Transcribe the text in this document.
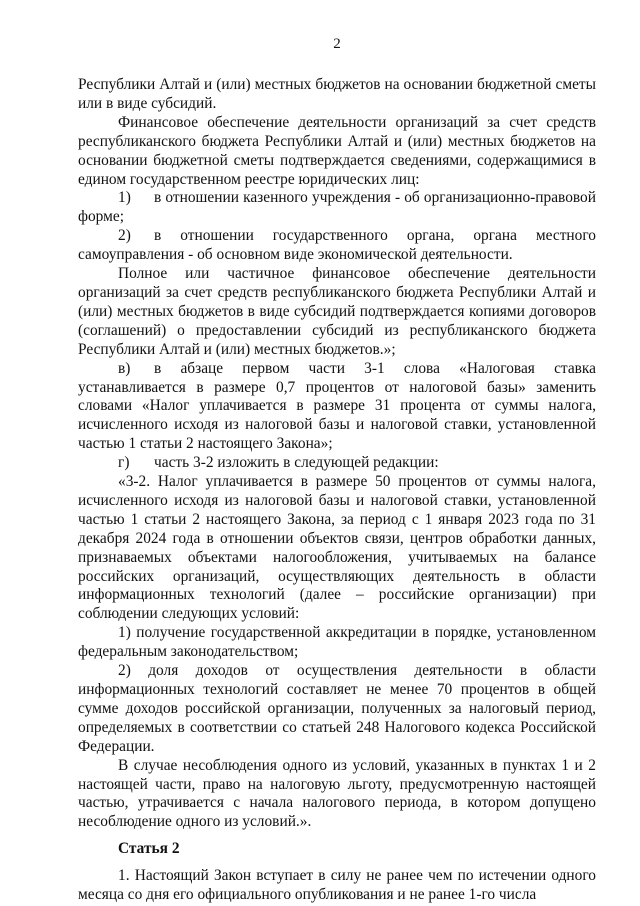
2

Республики Алтай и (или) местных бюджетов на основании бюджетной сметы или в виде субсидий.

Финансовое обеспечение деятельности организаций за счет средств республиканского бюджета Республики Алтай и (или) местных бюджетов на основании бюджетной сметы подтверждается сведениями, содержащимися в едином государственном реестре юридических лиц:

1) в отношении казенного учреждения - об организационно-правовой форме;

2) в отношении государственного органа, органа местного самоуправления - об основном виде экономической деятельности.

Полное или частичное финансовое обеспечение деятельности организаций за счет средств республиканского бюджета Республики Алтай и (или) местных бюджетов в виде субсидий подтверждается копиями договоров (соглашений) о предоставлении субсидий из республиканского бюджета Республики Алтай и (или) местных бюджетов.»;

в) в абзаце первом части 3-1 слова «Налоговая ставка устанавливается в размере 0,7 процентов от налоговой базы» заменить словами «Налог уплачивается в размере 31 процента от суммы налога, исчисленного исходя из налоговой базы и налоговой ставки, установленной частью 1 статьи 2 настоящего Закона»;

г) часть 3-2 изложить в следующей редакции:

«3-2. Налог уплачивается в размере 50 процентов от суммы налога, исчисленного исходя из налоговой базы и налоговой ставки, установленной частью 1 статьи 2 настоящего Закона, за период с 1 января 2023 года по 31 декабря 2024 года в отношении объектов связи, центров обработки данных, признаваемых объектами налогообложения, учитываемых на балансе российских организаций, осуществляющих деятельность в области информационных технологий (далее – российские организации) при соблюдении следующих условий:

1) получение государственной аккредитации в порядке, установленном федеральным законодательством;

2) доля доходов от осуществления деятельности в области информационных технологий составляет не менее 70 процентов в общей сумме доходов российской организации, полученных за налоговый период, определяемых в соответствии со статьей 248 Налогового кодекса Российской Федерации.

В случае несоблюдения одного из условий, указанных в пунктах 1 и 2 настоящей части, право на налоговую льготу, предусмотренную настоящей частью, утрачивается с начала налогового периода, в котором допущено несоблюдение одного из условий.».

Статья 2

1. Настоящий Закон вступает в силу не ранее чем по истечении одного месяца со дня его официального опубликования и не ранее 1-го числа
